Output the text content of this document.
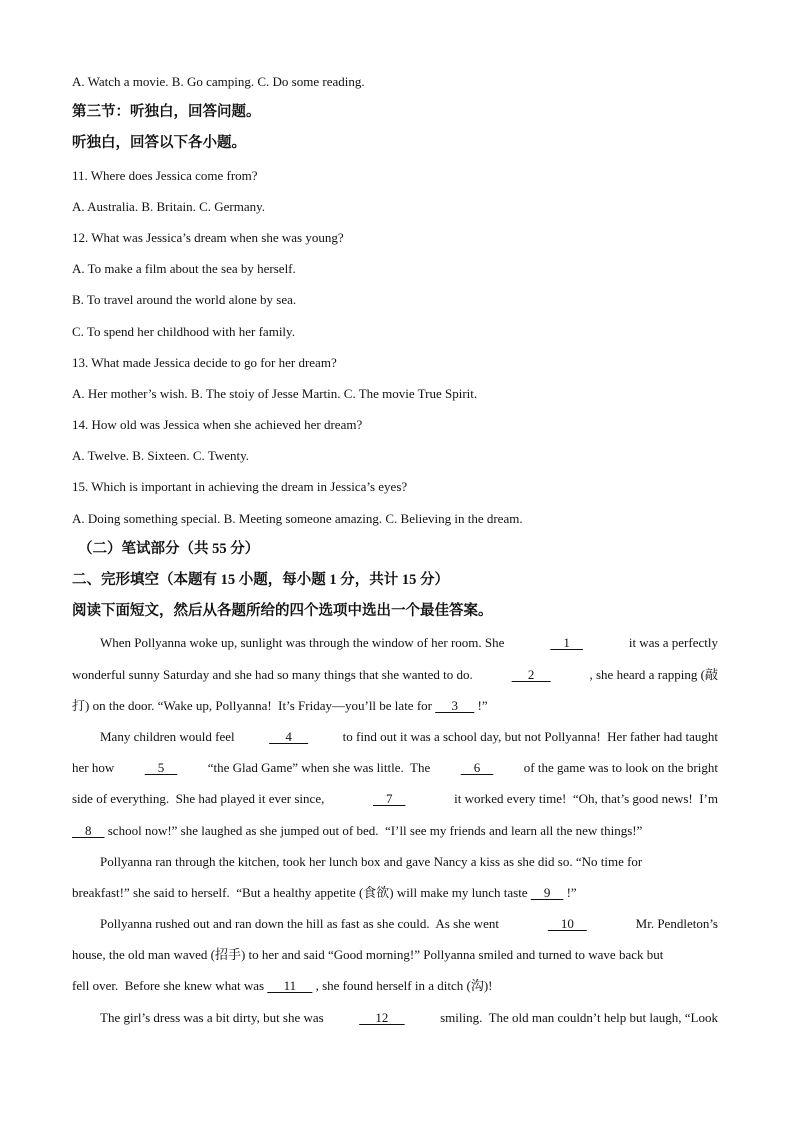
A. Watch a movie. B. Go camping. C. Do some reading.
第三节：听独白，回答问题。
听独白，回答以下各小题。
11. Where does Jessica come from?
A. Australia. B. Britain. C. Germany.
12. What was Jessica’s dream when she was young?
A. To make a film about the sea by herself.
B. To travel around the world alone by sea.
C. To spend her childhood with her family.
13. What made Jessica decide to go for her dream?
A. Her mother’s wish. B. The stoiy of Jesse Martin. C. The movie True Spirit.
14. How old was Jessica when she achieved her dream?
A. Twelve. B. Sixteen. C. Twenty.
15. Which is important in achieving the dream in Jessica’s eyes?
A. Doing something special. B. Meeting someone amazing. C. Believing in the dream.
（二）笔试部分（共 55 分）
二、完形填空（本题有 15 小题，每小题 1 分，共计 15 分）
阅读下面短文，然后从各题所给的四个选项中选出一个最佳答案。
When Pollyanna woke up, sunlight was through the window of her room. She	1	it was a perfectly
wonderful sunny Saturday and she had so many things that she wanted to do.	2	, she heard a rapping (敲
打) on the door. “Wake up, Pollyanna!  It’s Friday—you’ll be late for      3      !”
Many children would feel 4 to find out it was a school day, but not Pollyanna!  Her father had taught
her how 5 “the Glad Game” when she was little.  The 6 of the game was to look on the bright
side of everything.  She had played it ever since,	7	it worked every time!  “Oh, that’s good news!  I’m
8     school now!” she laughed as she jumped out of bed.  “I’ll see my friends and learn all the new things!”
Pollyanna ran through the kitchen, took her lunch box and gave Nancy a kiss as she did so. “No time for
breakfast!” she said to herself.  “But a healthy appetite (食欲) will make my lunch taste     9     !”
Pollyanna rushed out and ran down the hill as fast as she could.  As she went	10	Mr. Pendleton’s
house, the old man waved (招手) to her and said “Good morning!” Pollyanna smiled and turned to wave back but
fell over.  Before she knew what was      11      , she found herself in a ditch (沟)!
The girl’s dress was a bit dirty, but she was 12 smiling.  The old man couldn’t help but laugh, “Look
